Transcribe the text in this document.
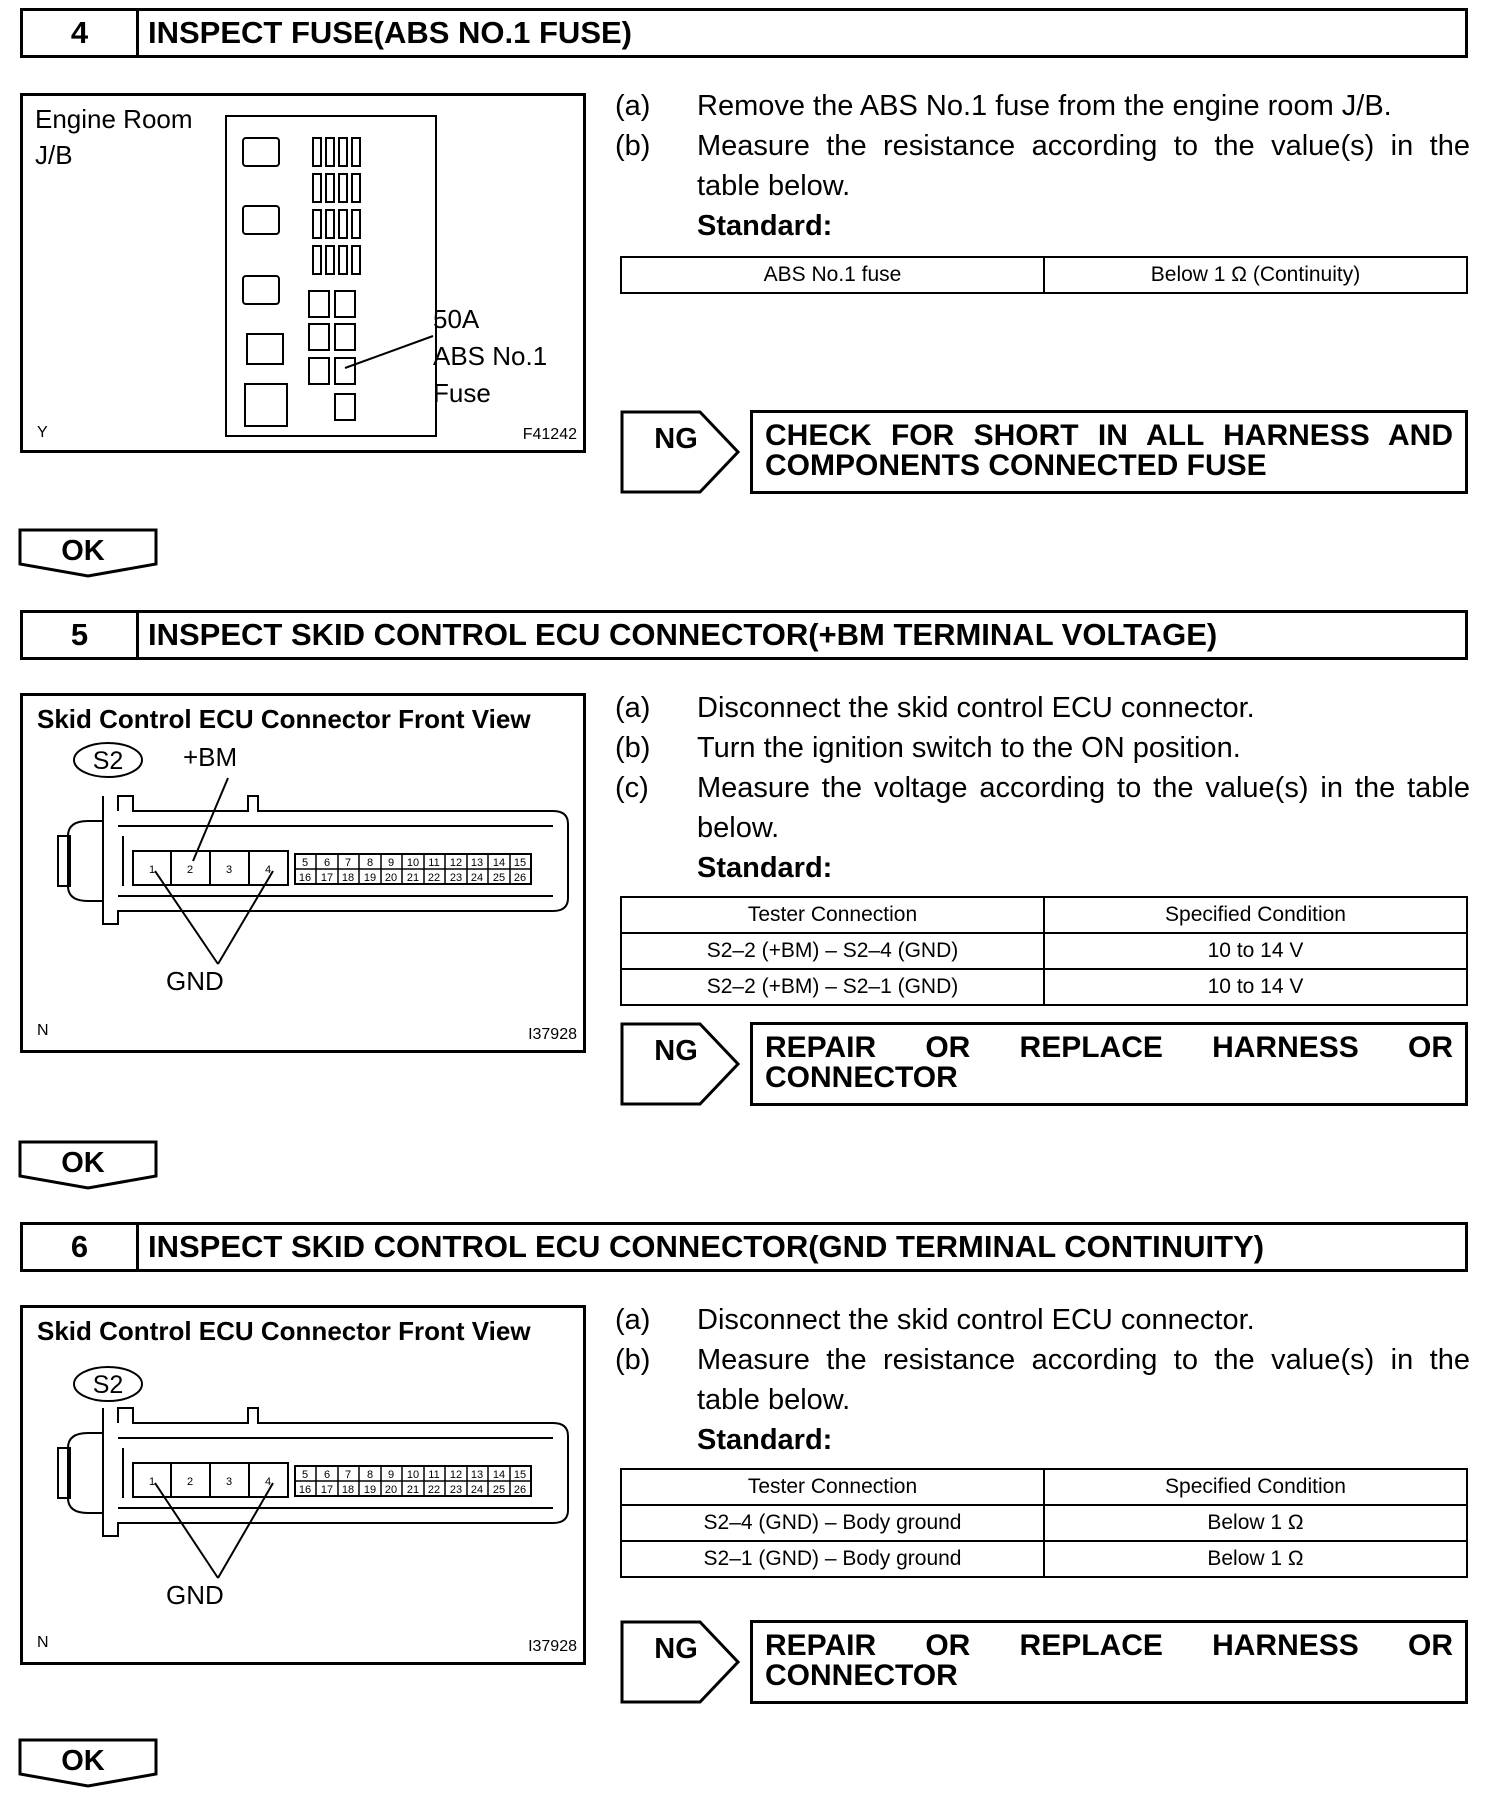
4	INSPECT FUSE(ABS NO.1 FUSE)
Engine Room
J/B
50A
ABS No.1
Fuse
Y	F41242
(a) Remove the ABS No.1 fuse from the engine room J/B.
(b) Measure the resistance according to the value(s) in the table below.
Standard:
ABS No.1 fuse	Below 1 Ω (Continuity)
NG CHECK FOR SHORT IN ALL HARNESS AND
COMPONENTS CONNECTED FUSE
OK
5	INSPECT SKID CONTROL ECU CONNECTOR(+BM TERMINAL VOLTAGE)
1	2	3	4
5 6 7 8 9 10 11 12 13 14 15
16 17 18 19 20 21 22 23 24 25 26
S2
Skid Control ECU Connector Front View
+BM
GND
N	I37928
(a) Disconnect the skid control ECU connector.
(b) Turn the ignition switch to the ON position.
(c) Measure the voltage according to the value(s) in the table below.
Standard:
Tester Connection	Specified Condition
S2–2 (+BM) – S2–4 (GND)	10 to 14 V
S2–2 (+BM) – S2–1 (GND)	10 to 14 V
NG REPAIR OR REPLACE HARNESS OR
CONNECTOR
OK
6	INSPECT SKID CONTROL ECU CONNECTOR(GND TERMINAL CONTINUITY)
1	2	3	4
5 6 7 8 9 10 11 12 13 14 15
16 17 18 19 20 21 22 23 24 25 26
S2
Skid Control ECU Connector Front View
GND
N	I37928
(a) Disconnect the skid control ECU connector.
(b) Measure the resistance according to the value(s) in the table below.
Standard:
Tester Connection	Specified Condition
S2–4 (GND) – Body ground	Below 1 Ω
S2–1 (GND) – Body ground	Below 1 Ω
NG REPAIR OR REPLACE HARNESS OR
CONNECTOR
OK
